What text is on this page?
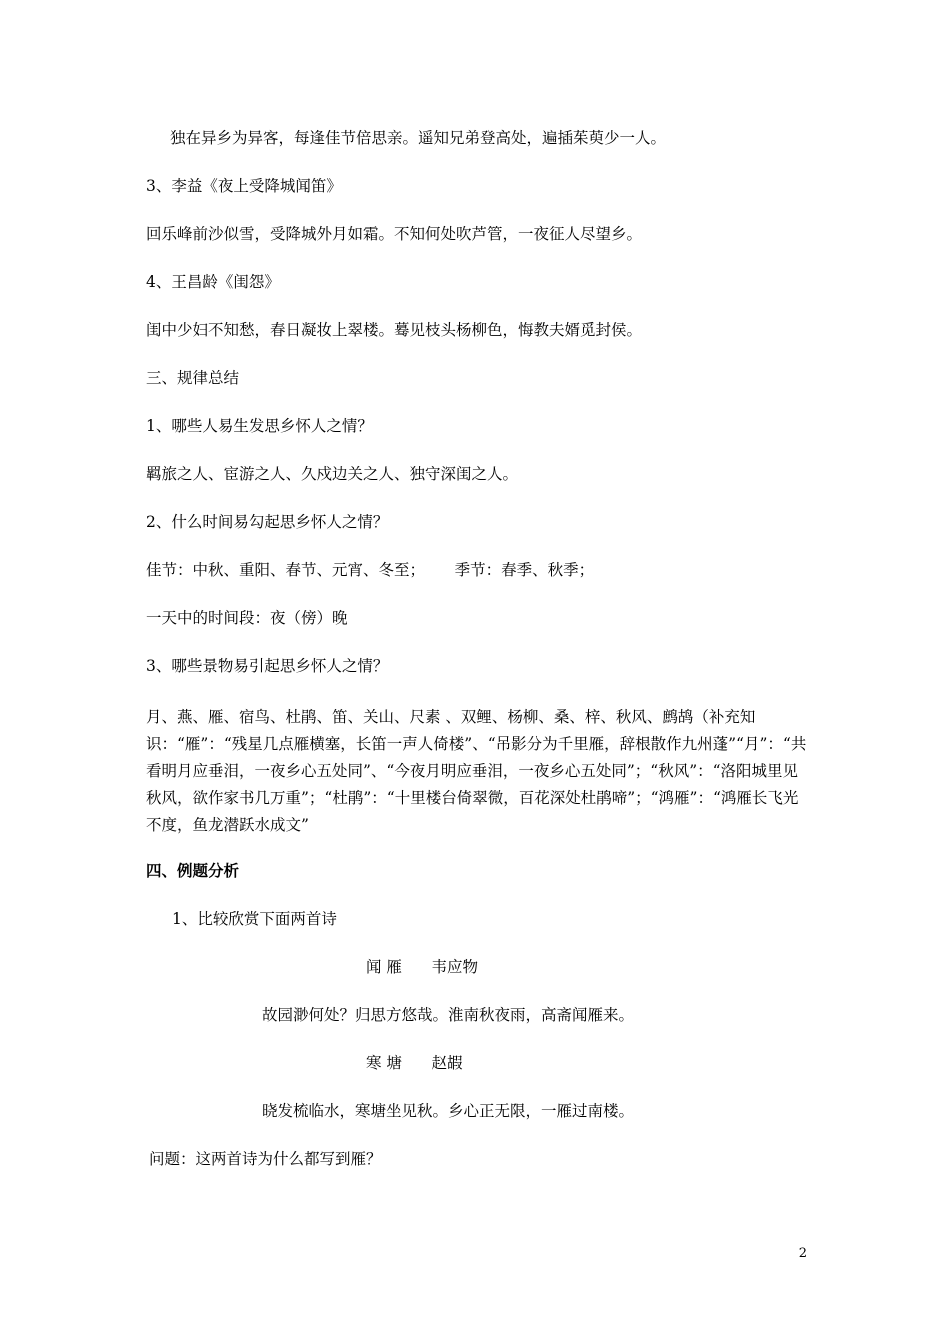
独在异乡为异客，每逢佳节倍思亲。遥知兄弟登高处，遍插茱萸少一人。
3、李益《夜上受降城闻笛》
回乐峰前沙似雪，受降城外月如霜。不知何处吹芦管，一夜征人尽望乡。
4、王昌龄《闺怨》
闺中少妇不知愁，春日凝妆上翠楼。蓦见枝头杨柳色，悔教夫婿觅封侯。
三、规律总结
1、哪些人易生发思乡怀人之情？
羁旅之人、宦游之人、久戍边关之人、独守深闺之人。
2、什么时间易勾起思乡怀人之情？
佳节：中秋、重阳、春节、元宵、冬至；      季节：春季、秋季；
一天中的时间段：夜（傍）晚
3、哪些景物易引起思乡怀人之情？
月、燕、雁、宿鸟、杜鹃、笛、关山、尺素 、双鲤、杨柳、桑、梓、秋风、鹧鸪（补充知识：“雁”：“残星几点雁横塞，长笛一声人倚楼”、“吊影分为千里雁，辞根散作九州蓬”“月”：“共看明月应垂泪，一夜乡心五处同”、“今夜月明应垂泪，一夜乡心五处同”；“秋风”：“洛阳城里见秋风，欲作家书几万重”；“杜鹃”：“十里楼台倚翠微，百花深处杜鹃啼”；“鸿雁”：“鸿雁长飞光不度，鱼龙潜跃水成文”
四、例题分析
1、比较欣赏下面两首诗
闻 雁      韦应物
故园渺何处？归思方悠哉。淮南秋夜雨，高斋闻雁来。
寒 塘      赵嘏
晓发梳临水，寒塘坐见秋。乡心正无限，一雁过南楼。
问题：这两首诗为什么都写到雁？
2
